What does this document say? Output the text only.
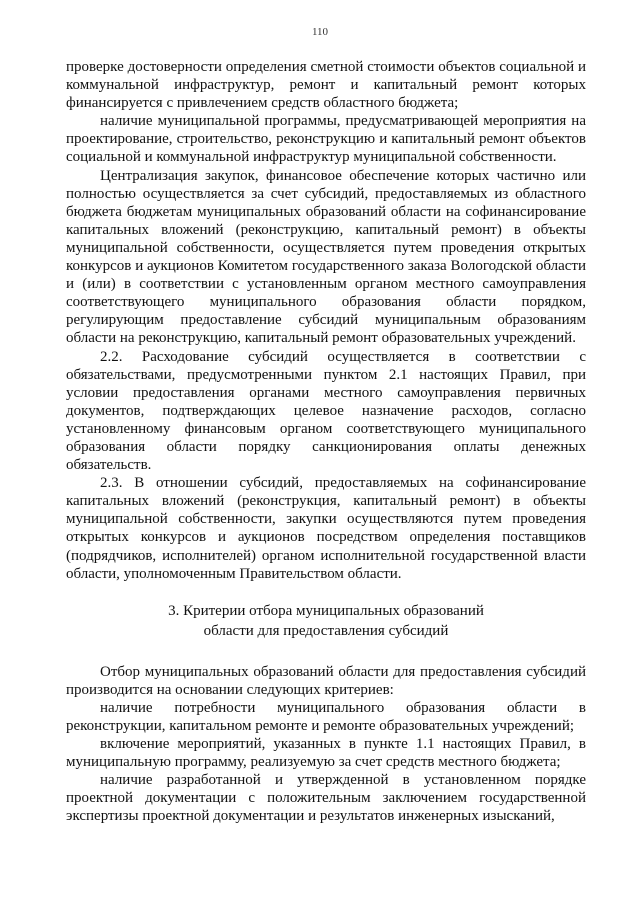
110

проверке достоверности определения сметной стоимости объектов социальной и коммунальной инфраструктур, ремонт и капитальный ремонт которых финансируется с привлечением средств областного бюджета;

наличие муниципальной программы, предусматривающей мероприятия на проектирование, строительство, реконструкцию и капитальный ремонт объектов социальной и коммунальной инфраструктур муниципальной собственности.

Централизация закупок, финансовое обеспечение которых частично или полностью осуществляется за счет субсидий, предоставляемых из областного бюджета бюджетам муниципальных образований области на софинансирование капитальных вложений (реконструкцию, капитальный ремонт) в объекты муниципальной собственности, осуществляется путем проведения открытых конкурсов и аукционов Комитетом государственного заказа Вологодской области и (или) в соответствии с установленным органом местного самоуправления соответствующего муниципального образования области порядком, регулирующим предоставление субсидий муниципальным образованиям области на реконструкцию, капитальный ремонт образовательных учреждений.

2.2. Расходование субсидий осуществляется в соответствии с обязательствами, предусмотренными пунктом 2.1 настоящих Правил, при условии предоставления органами местного самоуправления первичных документов, подтверждающих целевое назначение расходов, согласно установленному финансовым органом соответствующего муниципального образования области порядку санкционирования оплаты денежных обязательств.

2.3. В отношении субсидий, предоставляемых на софинансирование капитальных вложений (реконструкция, капитальный ремонт) в объекты муниципальной собственности, закупки осуществляются путем проведения открытых конкурсов и аукционов посредством определения поставщиков (подрядчиков, исполнителей) органом исполнительной государственной власти области, уполномоченным Правительством области.

3. Критерии отбора муниципальных образований
области для предоставления субсидий

Отбор муниципальных образований области для предоставления субсидий производится на основании следующих критериев:

наличие потребности муниципального образования области в реконструкции, капитальном ремонте и ремонте образовательных учреждений;

включение мероприятий, указанных в пункте 1.1 настоящих Правил, в муниципальную программу, реализуемую за счет средств местного бюджета;

наличие разработанной и утвержденной в установленном порядке проектной документации с положительным заключением государственной экспертизы проектной документации и результатов инженерных изысканий,
